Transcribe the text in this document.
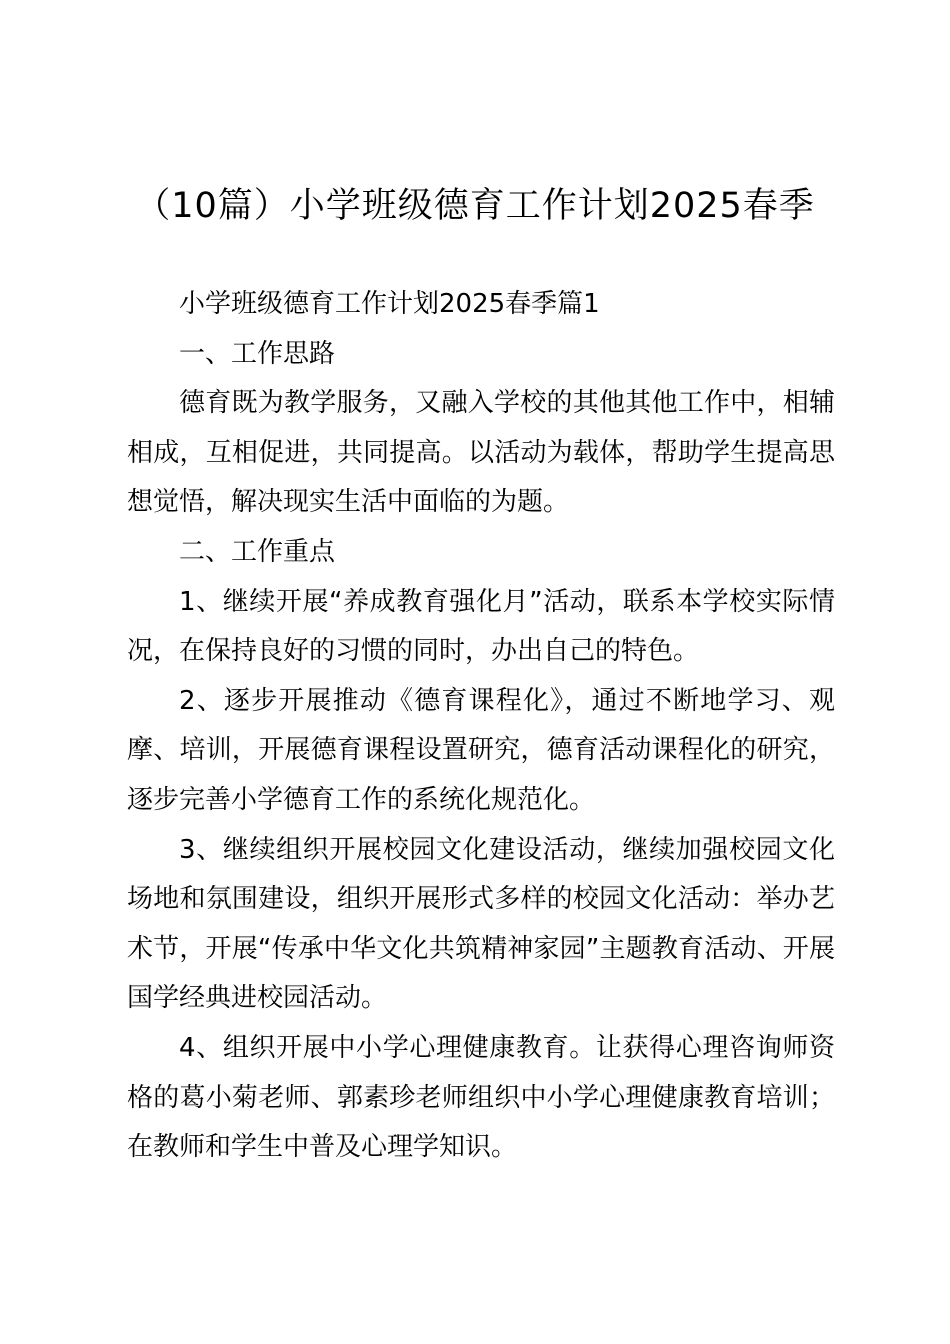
（10篇）小学班级德育工作计划2025春季

小学班级德育工作计划2025春季篇1

一、工作思路

德育既为教学服务，又融入学校的其他其他工作中，相辅相成，互相促进，共同提高。以活动为载体，帮助学生提高思想觉悟，解决现实生活中面临的为题。

二、工作重点

1、继续开展“养成教育强化月”活动，联系本学校实际情况，在保持良好的习惯的同时，办出自己的特色。

2、逐步开展推动《德育课程化》，通过不断地学习、观摩、培训，开展德育课程设置研究，德育活动课程化的研究，逐步完善小学德育工作的系统化规范化。

3、继续组织开展校园文化建设活动，继续加强校园文化场地和氛围建设，组织开展形式多样的校园文化活动：举办艺术节，开展“传承中华文化共筑精神家园”主题教育活动、开展国学经典进校园活动。

4、组织开展中小学心理健康教育。让获得心理咨询师资格的葛小菊老师、郭素珍老师组织中小学心理健康教育培训；在教师和学生中普及心理学知识。
